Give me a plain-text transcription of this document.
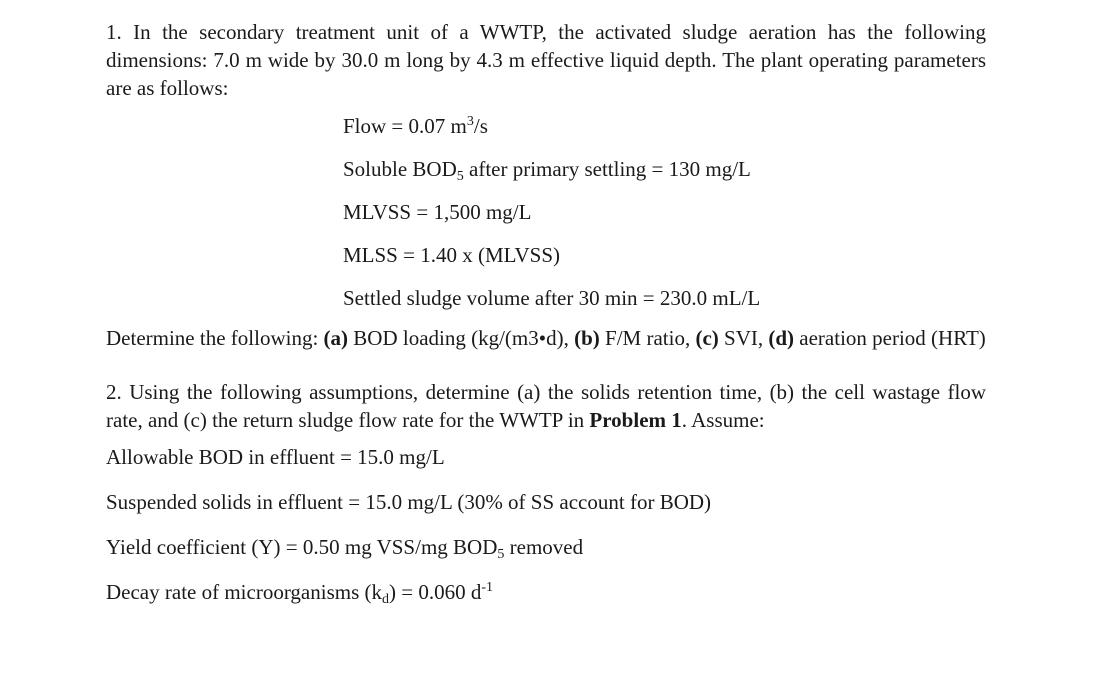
1. In the secondary treatment unit of a WWTP, the activated sludge aeration has the following dimensions: 7.0 m wide by 30.0 m long by 4.3 m effective liquid depth. The plant operating parameters are as follows:

Flow = 0.07 $m^3/s$
Soluble $BOD_5$ after primary settling = 130 mg/L
MLVSS = 1,500 mg/L
MLSS = 1.40 x (MLVSS)
Settled sludge volume after 30 min = 230.0 mL/L

Determine the following: (a) BOD loading (kg/(m3•d), (b) F/M ratio, (c) SVI, (d) aeration period (HRT)

2. Using the following assumptions, determine (a) the solids retention time, (b) the cell wastage flow rate, and (c) the return sludge flow rate for the WWTP in Problem 1. Assume:

Allowable BOD in effluent = 15.0 mg/L
Suspended solids in effluent = 15.0 mg/L (30% of SS account for BOD)
Yield coefficient (Y) = 0.50 mg VSS/mg $BOD_5$ removed
Decay rate of microorganisms $(k_d) = 0.060$ $d^{-1}$
